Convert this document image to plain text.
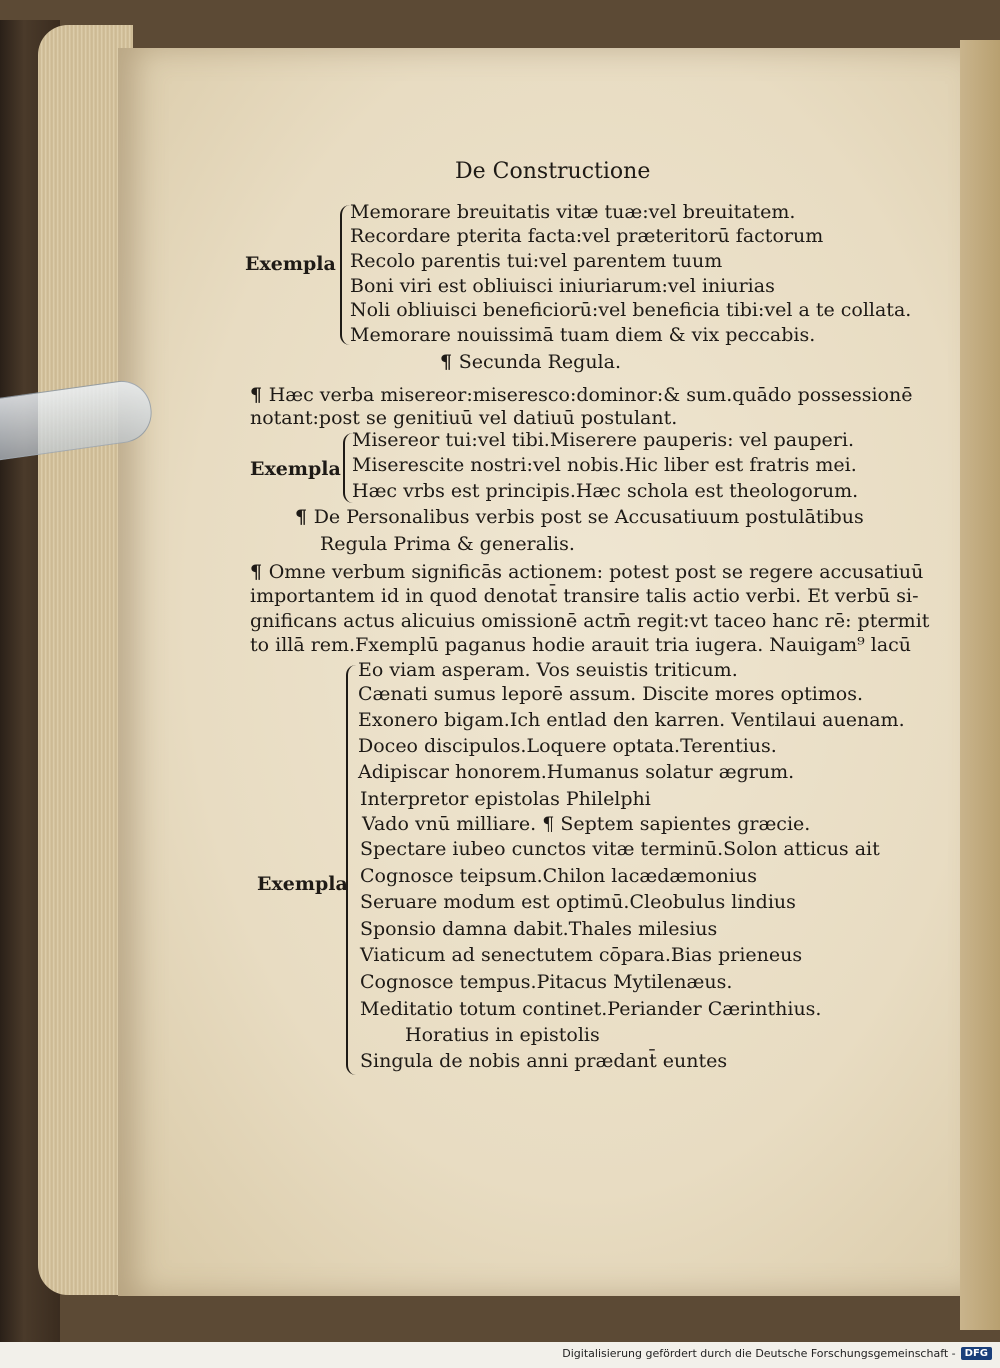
De Constructione
Exempla
Memorare breuitatis vitæ tuæ:vel breuitatem.
Recordare pterita facta:vel præteritorū factorum
Recolo parentis tui:vel parentem tuum
Boni viri est obliuisci iniuriarum:vel iniurias
Noli obliuisci beneficiorū:vel beneficia tibi:vel a te collata.
Memorare nouissimā tuam diem & vix peccabis.
¶ Secunda Regula.
¶ Hæc verba misereor:miseresco:dominor:& sum.quādo possessionē
notant:post se genitiuū vel datiuū postulant.
Exempla
Misereor tui:vel tibi.Miserere pauperis: vel pauperi.
Miserescite nostri:vel nobis.Hic liber est fratris mei.
Hæc vrbs est principis.Hæc schola est theologorum.
¶ De Personalibus verbis post se Accusatiuum postulātibus
Regula Prima & generalis.
¶ Omne verbum significās actionem: potest post se regere accusatiuū
importantem id in quod denotat̄ transire talis actio verbi. Et verbū si-
gnificans actus alicuius omissionē actm̄ regit:vt taceo hanc rē: ptermit
to illā rem.Fxemplū paganus hodie arauit tria iugera. Nauigam⁹ lacū
Exempla
Eo viam asperam. Vos seuistis triticum.
Cænati sumus leporē assum. Discite mores optimos.
Exonero bigam.Ich entlad den karren. Ventilaui auenam.
Doceo discipulos.Loquere optata.Terentius.
Adipiscar honorem.Humanus solatur ægrum.
Interpretor epistolas Philelphi
Vado vnū milliare. ¶ Septem sapientes græcie.
Spectare iubeo cunctos vitæ terminū.Solon atticus ait
Cognosce teipsum.Chilon lacædæmonius
Seruare modum est optimū.Cleobulus lindius
Sponsio damna dabit.Thales milesius
Viaticum ad senectutem cōpara.Bias prieneus
Cognosce tempus.Pitacus Mytilenæus.
Meditatio totum continet.Periander Cærinthius.
Horatius in epistolis
Singula de nobis anni prædant̄ euntes
Digitalisierung gefördert durch die Deutsche Forschungsgemeinschaft - DFG
